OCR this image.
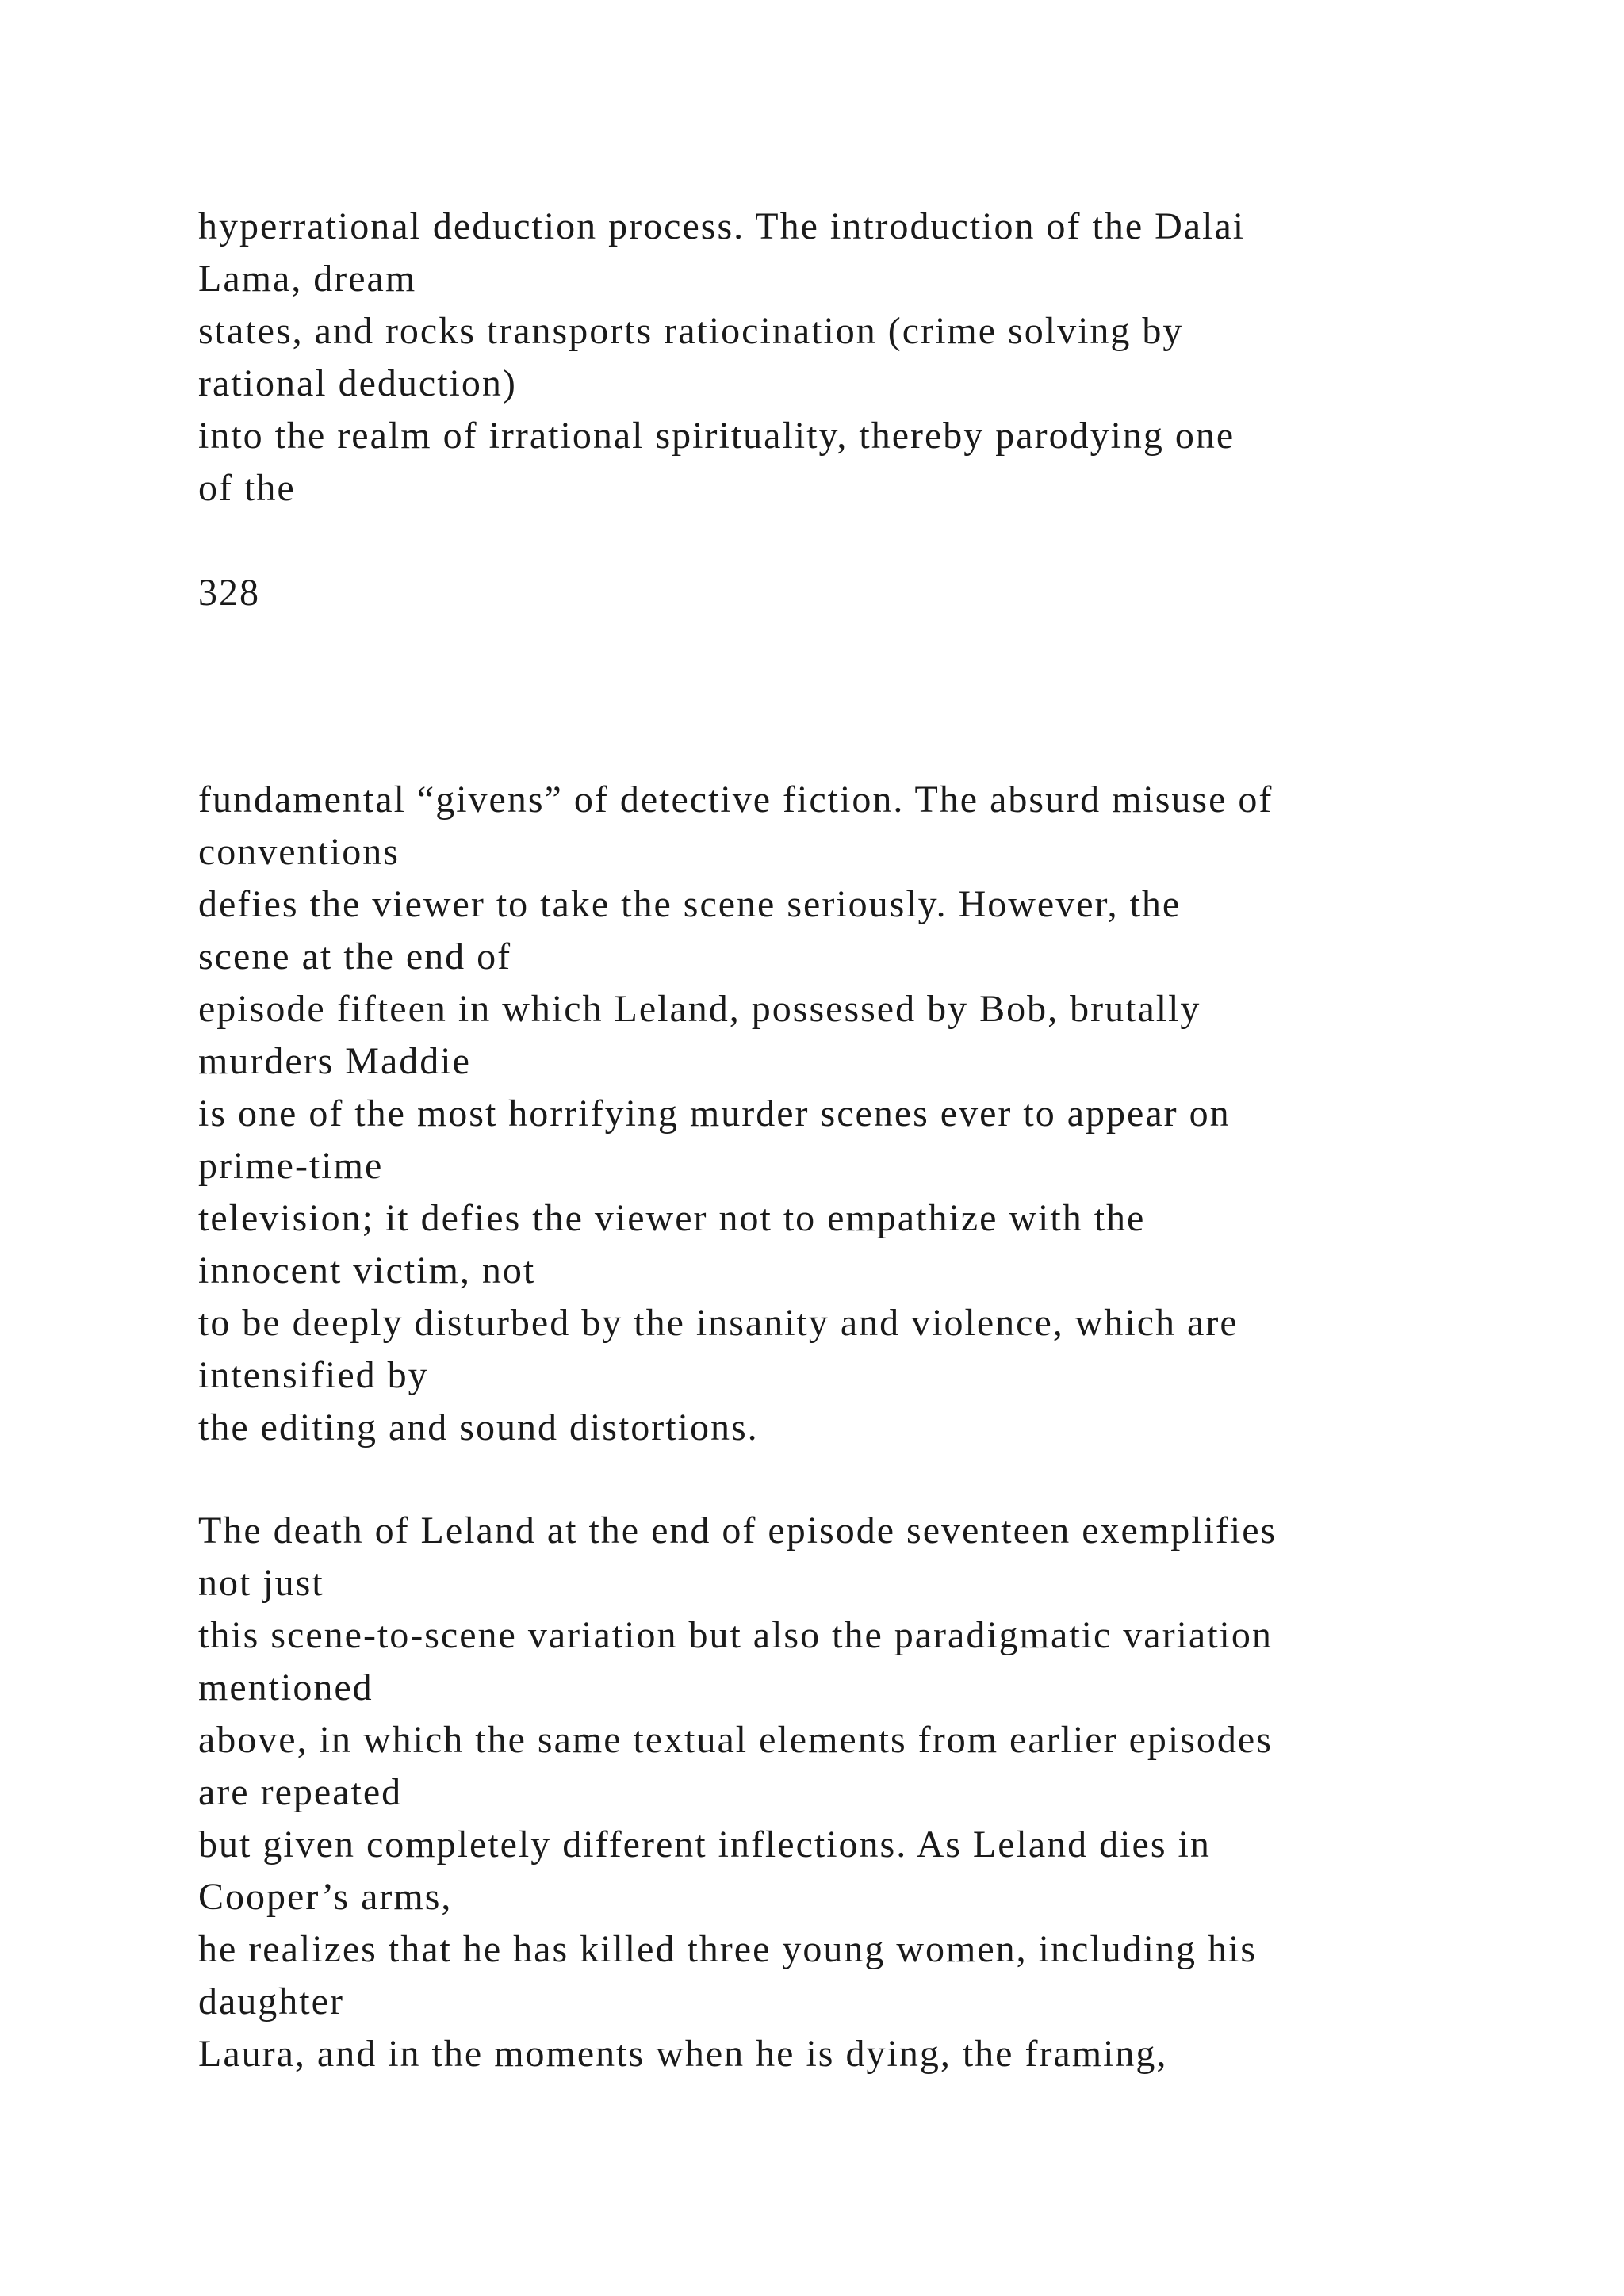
hyperrational deduction process. The introduction of the Dalai

Lama, dream

states, and rocks transports ratiocination (crime solving by

rational deduction)

into the realm of irrational spirituality, thereby parodying one

of the

328

fundamental “givens” of detective fiction. The absurd misuse of

conventions

defies the viewer to take the scene seriously. However, the

scene at the end of

episode fifteen in which Leland, possessed by Bob, brutally

murders Maddie

is one of the most horrifying murder scenes ever to appear on

prime-time

television; it defies the viewer not to empathize with the

innocent victim, not

to be deeply disturbed by the insanity and violence, which are

intensified by

the editing and sound distortions.

The death of Leland at the end of episode seventeen exemplifies

not just

this scene-to-scene variation but also the paradigmatic variation

mentioned

above, in which the same textual elements from earlier episodes

are repeated

but given completely different inflections. As Leland dies in

Cooper’s arms,

he realizes that he has killed three young women, including his

daughter

Laura, and in the moments when he is dying, the framing,
